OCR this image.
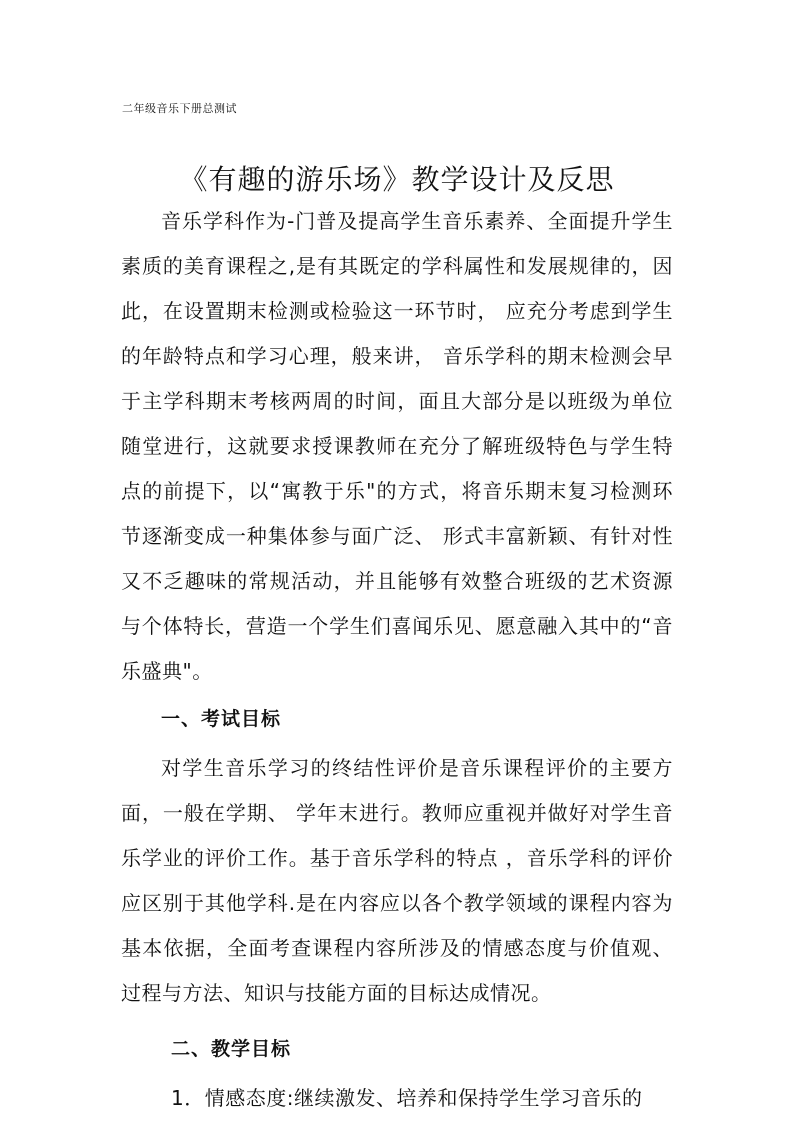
二年级音乐下册总测试
《有趣的游乐场》教学设计及反思

音乐学科作为-门普及提高学生音乐素养、全面提升学生素质的美育课程之,是有其既定的学科属性和发展规律的，因此，在设置期末检测或检验这一环节时， 应充分考虑到学生的年龄特点和学习心理，般来讲， 音乐学科的期末检测会早于主学科期末考核两周的时间，面且大部分是以班级为单位随堂进行，这就要求授课教师在充分了解班级特色与学生特点的前提下，以“寓教于乐"的方式，将音乐期末复习检测环节逐渐变成一种集体参与面广泛、 形式丰富新颖、有针对性又不乏趣味的常规活动，并且能够有效整合班级的艺术资源与个体特长，营造一个学生们喜闻乐见、愿意融入其中的“音乐盛典"。

一、考试目标

对学生音乐学习的终结性评价是音乐课程评价的主要方面，一般在学期、 学年末进行。教师应重视并做好对学生音乐学业的评价工作。基于音乐学科的特点 ，音乐学科的评价应区别于其他学科.是在内容应以各个教学领域的课程内容为基本依据，全面考查课程内容所涉及的情感态度与价值观、过程与方法、知识与技能方面的目标达成情况。

二、教学目标

1．情感态度:继续激发、培养和保持学生学习音乐的
